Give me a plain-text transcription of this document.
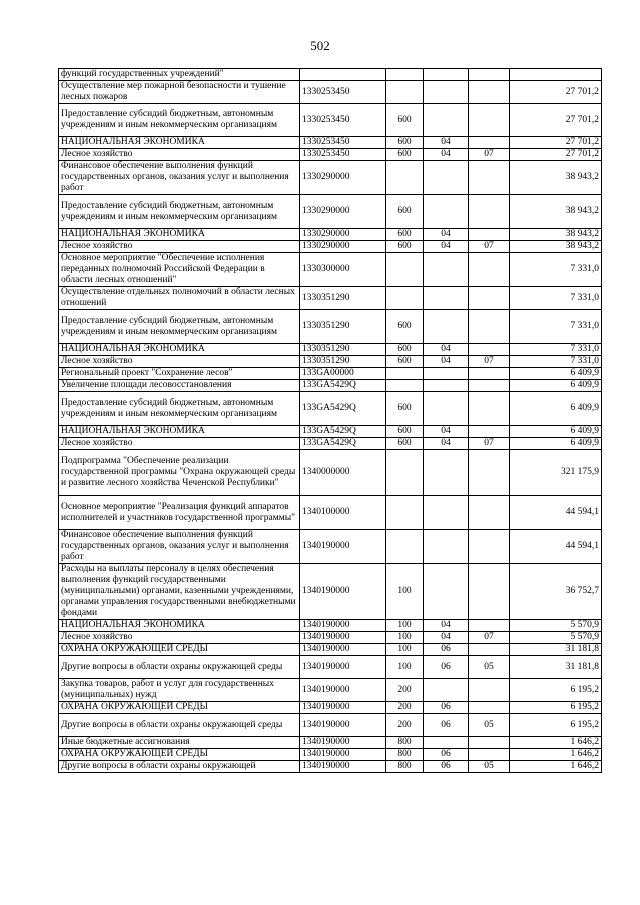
502
функций государственных учреждений"					
Осуществление мер пожарной безопасности и тушение лесных пожаров	1330253450				27 701,2
Предоставление субсидий бюджетным, автономным учреждениям и иным некоммерческим организациям	1330253450	600			27 701,2
НАЦИОНАЛЬНАЯ ЭКОНОМИКА	1330253450	600	04		27 701,2
Лесное хозяйство	1330253450	600	04	07	27 701,2
Финансовое обеспечение выполнения функций государственных органов, оказания услуг и выполнения работ	1330290000				38 943,2
Предоставление субсидий бюджетным, автономным учреждениям и иным некоммерческим организациям	1330290000	600			38 943,2
НАЦИОНАЛЬНАЯ ЭКОНОМИКА	1330290000	600	04		38 943,2
Лесное хозяйство	1330290000	600	04	07	38 943,2
Основное мероприятие "Обеспечение исполнения переданных полномочий Российской Федерации в области лесных отношений"	1330300000				7 331,0
Осуществление отдельных полномочий в области лесных отношений	1330351290				7 331,0
Предоставление субсидий бюджетным, автономным учреждениям и иным некоммерческим организациям	1330351290	600			7 331,0
НАЦИОНАЛЬНАЯ ЭКОНОМИКА	1330351290	600	04		7 331,0
Лесное хозяйство	1330351290	600	04	07	7 331,0
Региональный проект "Сохранение лесов"	133GA00000				6 409,9
Увеличение площади лесовосстановления	133GA5429Q				6 409,9
Предоставление субсидий бюджетным, автономным учреждениям и иным некоммерческим организациям	133GA5429Q	600			6 409,9
НАЦИОНАЛЬНАЯ ЭКОНОМИКА	133GA5429Q	600	04		6 409,9
Лесное хозяйство	133GA5429Q	600	04	07	6 409,9
Подпрограмма "Обеспечение реализации государственной программы "Охрана окружающей среды и развитие лесного хозяйства Чеченской Республики"	1340000000				321 175,9
Основное мероприятие "Реализация функций аппаратов исполнителей и участников государственной программы"	1340100000				44 594,1
Финансовое обеспечение выполнения функций государственных органов, оказания услуг и выполнения работ	1340190000				44 594,1
Расходы на выплаты персоналу в целях обеспечения выполнения функций государственными (муниципальными) органами, казенными учреждениями, органами управления государственными внебюджетными фондами	1340190000	100			36 752,7
НАЦИОНАЛЬНАЯ ЭКОНОМИКА	1340190000	100	04		5 570,9
Лесное хозяйство	1340190000	100	04	07	5 570,9
ОХРАНА ОКРУЖАЮЩЕЙ СРЕДЫ	1340190000	100	06		31 181,8
Другие вопросы в области охраны окружающей среды	1340190000	100	06	05	31 181,8
Закупка товаров, работ и услуг для государственных (муниципальных) нужд	1340190000	200			6 195,2
ОХРАНА ОКРУЖАЮЩЕЙ СРЕДЫ	1340190000	200	06		6 195,2
Другие вопросы в области охраны окружающей среды	1340190000	200	06	05	6 195,2
Иные бюджетные ассигнования	1340190000	800			1 646,2
ОХРАНА ОКРУЖАЮЩЕЙ СРЕДЫ	1340190000	800	06		1 646,2
Другие вопросы в области охраны окружающей	1340190000	800	06	05	1 646,2
